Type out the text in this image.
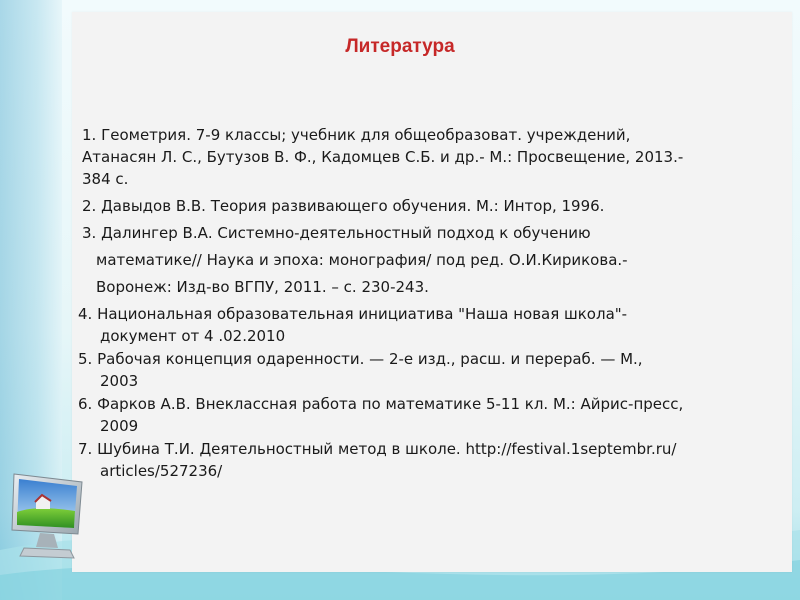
Литература
1. Геометрия. 7-9 классы; учебник для общеобразоват. учреждений,
Атанасян Л. С., Бутузов В. Ф., Кадомцев С.Б. и др.- М.: Просвещение, 2013.-
384 с.
2. Давыдов В.В. Теория развивающего обучения. М.: Интор, 1996.
3. Далингер В.А. Системно-деятельностный подход к обучению
математике// Наука и эпоха: монография/ под ред. О.И.Кирикова.-
Воронеж: Изд-во ВГПУ, 2011. – с. 230-243.
4. Национальная образовательная инициатива "Наша новая школа"-
документ от 4 .02.2010
5. Рабочая концепция одаренности. — 2-е изд., расш. и перераб. — М.,
2003
6. Фарков А.В. Внеклассная работа по математике 5-11 кл. М.: Айрис-пресс,
2009
7. Шубина Т.И. Деятельностный метод в школе. http://festival.1septembr.ru/
articles/527236/
